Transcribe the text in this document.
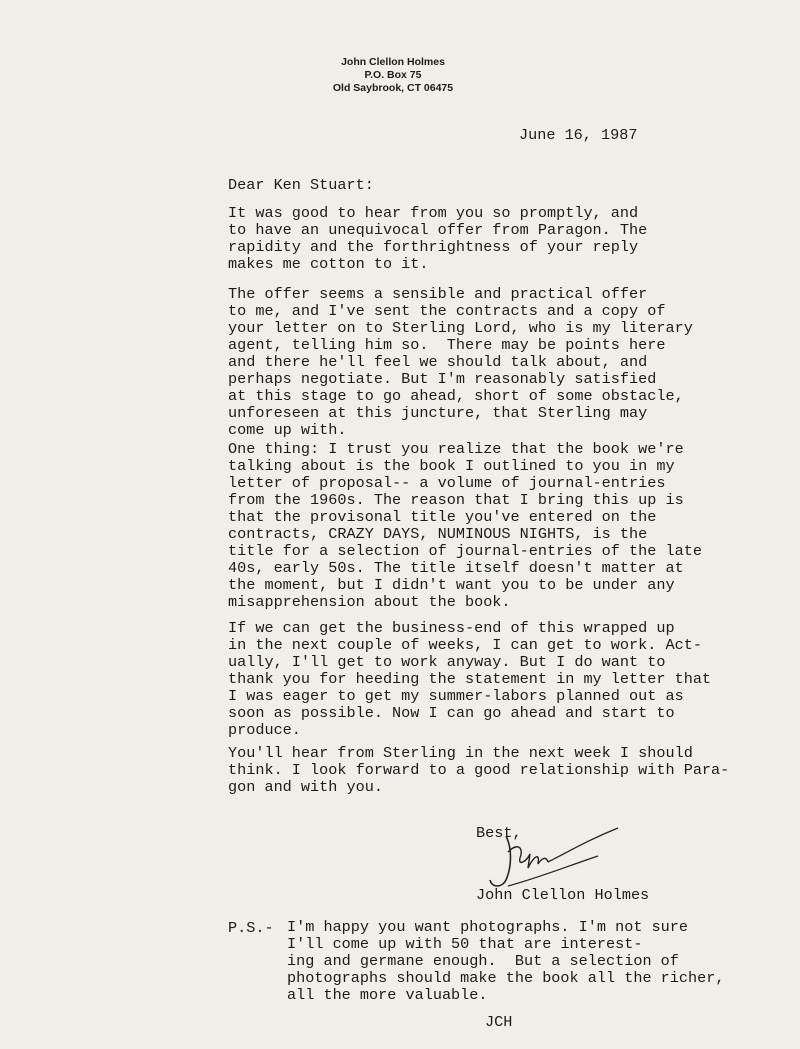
John Clellon Holmes
P.O. Box 75
Old Saybrook, CT 06475
June 16, 1987
Dear Ken Stuart:
It was good to hear from you so promptly, and
to have an unequivocal offer from Paragon. The
rapidity and the forthrightness of your reply
makes me cotton to it.
The offer seems a sensible and practical offer
to me, and I've sent the contracts and a copy of
your letter on to Sterling Lord, who is my literary
agent, telling him so.  There may be points here
and there he'll feel we should talk about, and
perhaps negotiate. But I'm reasonably satisfied
at this stage to go ahead, short of some obstacle,
unforeseen at this juncture, that Sterling may
come up with.
One thing: I trust you realize that the book we're
talking about is the book I outlined to you in my
letter of proposal-- a volume of journal-entries
from the 1960s. The reason that I bring this up is
that the provisonal title you've entered on the
contracts, CRAZY DAYS, NUMINOUS NIGHTS, is the
title for a selection of journal-entries of the late
40s, early 50s. The title itself doesn't matter at
the moment, but I didn't want you to be under any
misapprehension about the book.
If we can get the business-end of this wrapped up
in the next couple of weeks, I can get to work. Act-
ually, I'll get to work anyway. But I do want to
thank you for heeding the statement in my letter that
I was eager to get my summer-labors planned out as
soon as possible. Now I can go ahead and start to
produce.
You'll hear from Sterling in the next week I should
think. I look forward to a good relationship with Para-
gon and with you.
Best,
John Clellon Holmes
P.S.- I'm happy you want photographs. I'm not sure
I'll come up with 50 that are interest-
ing and germane enough.  But a selection of
photographs should make the book all the richer,
all the more valuable.
JCH
